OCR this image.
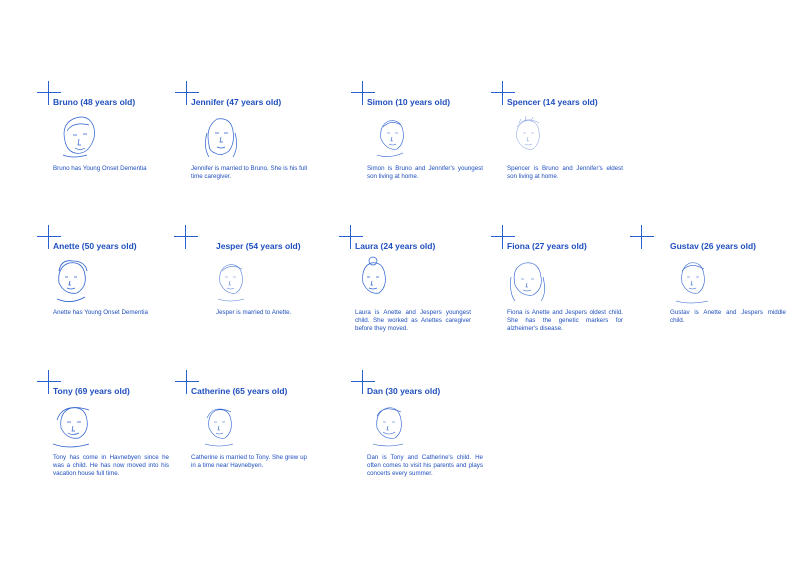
Bruno (48 years old)
Bruno has Young Onset Dementia
Jennifer (47 years old)
Jennifer is married to Bruno. She is his full time caregiver.
Simon (10 years old)
Simon is Bruno and Jennifer's youngest son living at home.
Spencer (14 years old)
Spencer is Bruno and Jennifer's eldest son living at home.
Anette (50 years old)
Anette has Young Onset Dementia
Jesper (54 years old)
Jesper is married to Anette.
Laura (24 years old)
Laura is Anette and Jespers youngest child. She worked as Anettes caregiver before they moved.
Fiona (27 years old)
Fiona is Anette and Jespers oldest child. She has the genetic markers for alzheimer's disease.
Gustav (26 years old)
Gustav is Anette and Jespers middle child.
Tony (69 years old)
Tony has come in Havnebyen since he was a child. He has now moved into his vacation house full time.
Catherine (65 years old)
Catherine is married to Tony. She grew up in a time near Havnebyen.
Dan (30 years old)
Dan is Tony and Catherine's child. He often comes to visit his parents and plays concerts every summer.
